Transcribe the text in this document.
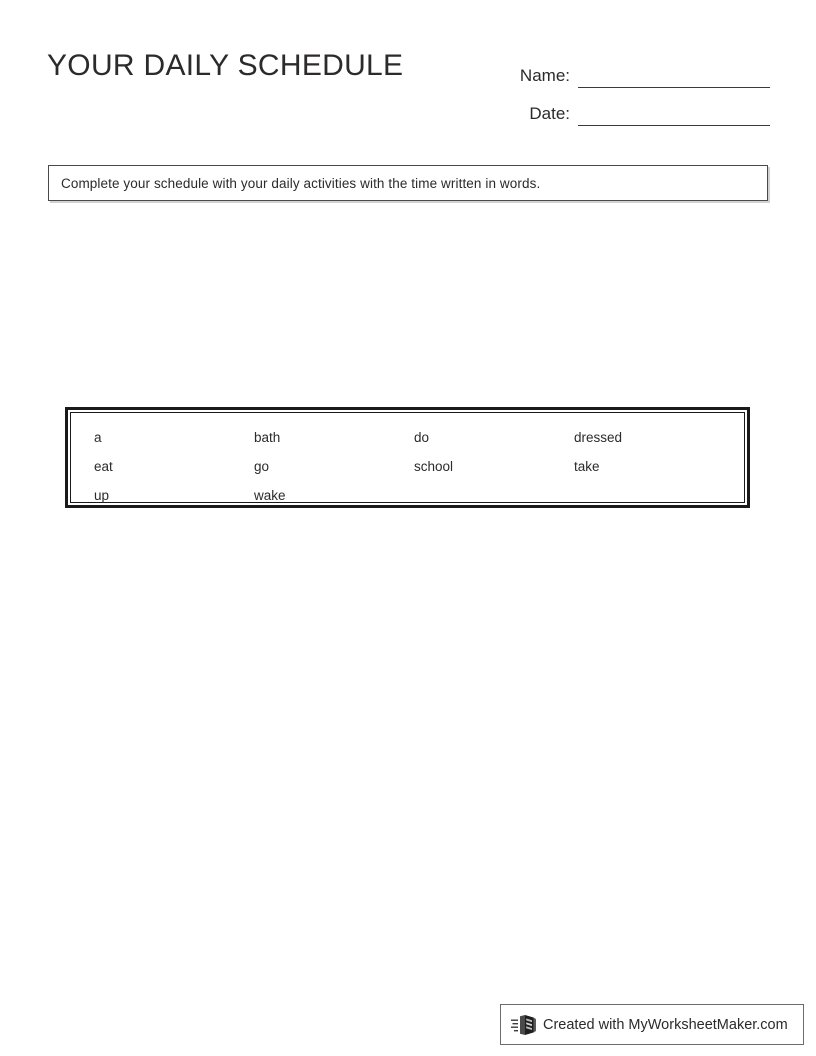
YOUR DAILY SCHEDULE	Name:
Date:
Complete your schedule with your daily activities with the time written in words.
a	bath	do	dressed
eat	go	school	take
up	wake
Created with MyWorksheetMaker.com
